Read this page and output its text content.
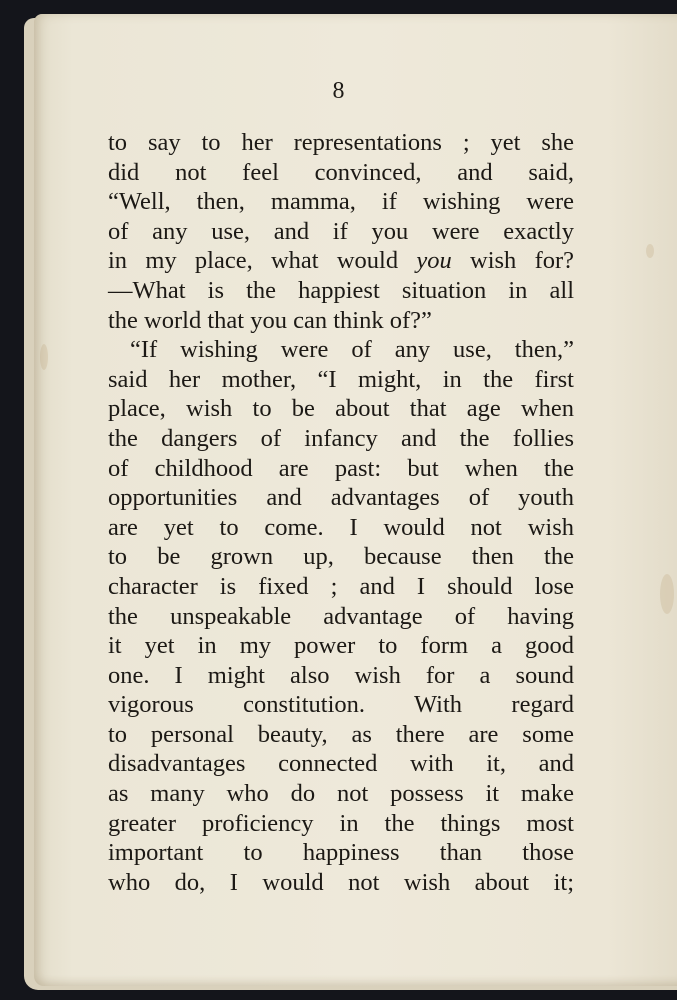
8
to say to her representations ; yet she
did not feel convinced, and said,
“Well, then, mamma, if wishing were
of any use, and if you were exactly
in my place, what would you wish for?
—What is the happiest situation in all
the world that you can think of?”
“If wishing were of any use, then,”
said her mother, “I might, in the first
place, wish to be about that age when
the dangers of infancy and the follies
of childhood are past: but when the
opportunities and advantages of youth
are yet to come. I would not wish
to be grown up, because then the
character is fixed ; and I should lose
the unspeakable advantage of having
it yet in my power to form a good
one. I might also wish for a sound
vigorous constitution. With regard
to personal beauty, as there are some
disadvantages connected with it, and
as many who do not possess it make
greater proficiency in the things most
important to happiness than those
who do, I would not wish about it;
